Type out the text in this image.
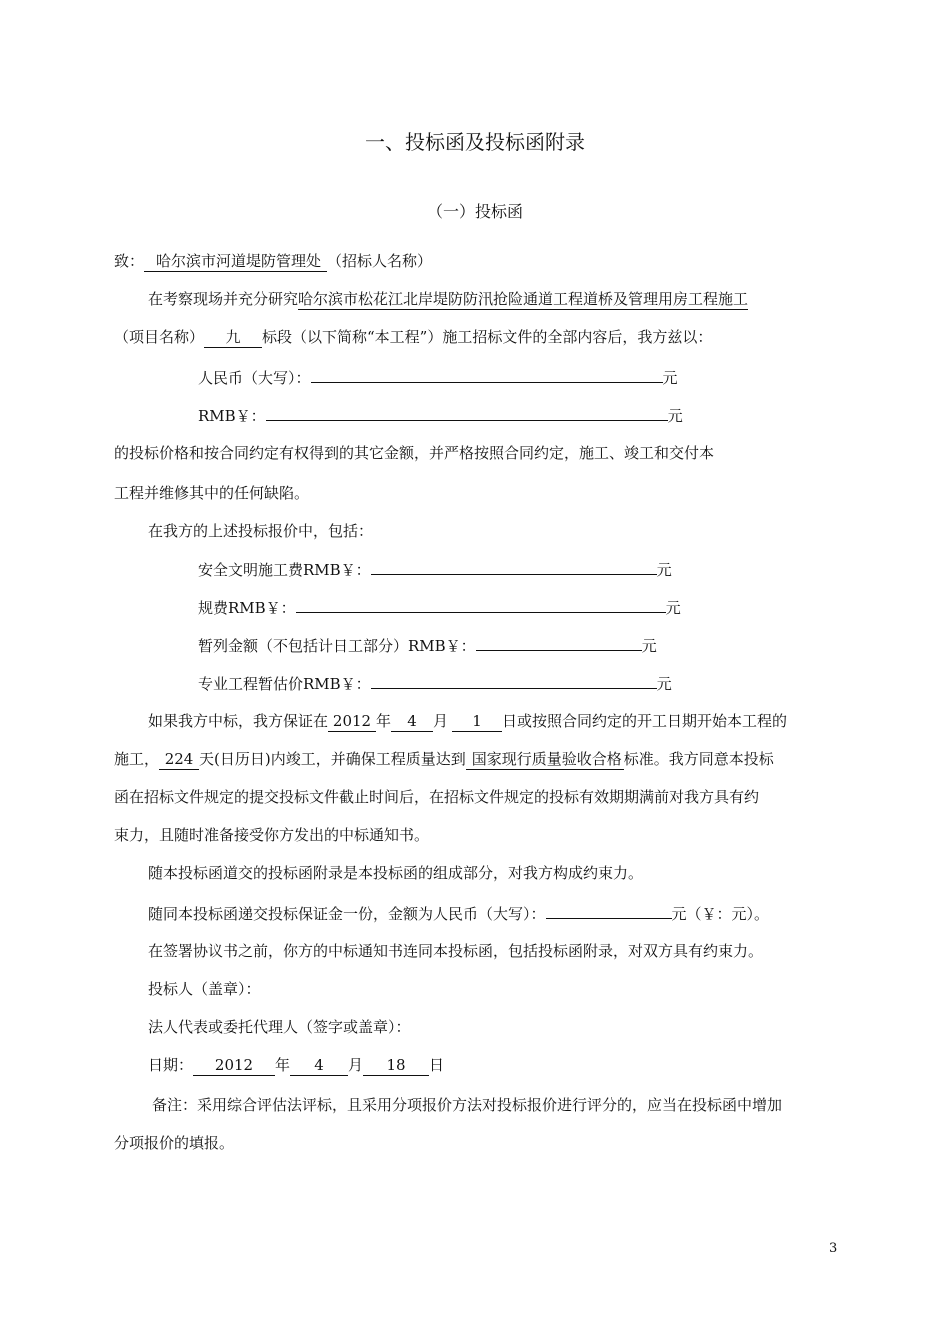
一、投标函及投标函附录
（一）投标函
致： 哈尔滨市河道堤防管理处 （招标人名称）
在考察现场并充分研究哈尔滨市松花江北岸堤防防汛抢险通道工程道桥及管理用房工程施工
（项目名称） 九 标段（以下简称“本工程”）施工招标文件的全部内容后，我方兹以：
人民币（大写）：	元
RMB￥：	元
的投标价格和按合同约定有权得到的其它金额，并严格按照合同约定，施工、竣工和交付本
工程并维修其中的任何缺陷。
在我方的上述投标报价中，包括：
安全文明施工费RMB￥：	元
规费RMB￥：	元
暂列金额（不包括计日工部分）RMB￥：	元
专业工程暂估价RMB￥：	元
如果我方中标，我方保证在 2012 年 4 月 1 日或按照合同约定的开工日期开始本工程的
施工， 224 天(日历日)内竣工，并确保工程质量达到 国家现行质量验收合格 标准。我方同意本投标
函在招标文件规定的提交投标文件截止时间后，在招标文件规定的投标有效期期满前对我方具有约
束力，且随时准备接受你方发出的中标通知书。
随本投标函道交的投标函附录是本投标函的组成部分，对我方构成约束力。
随同本投标函递交投标保证金一份，金额为人民币（大写）：	元（￥：元）。
在签署协议书之前，你方的中标通知书连同本投标函，包括投标函附录，对双方具有约束力。
投标人（盖章）：
法人代表或委托代理人（签字或盖章）：
日期： 2012 年 4 月 18 日
备注：采用综合评估法评标，且采用分项报价方法对投标报价进行评分的，应当在投标函中增加
分项报价的填报。
3
